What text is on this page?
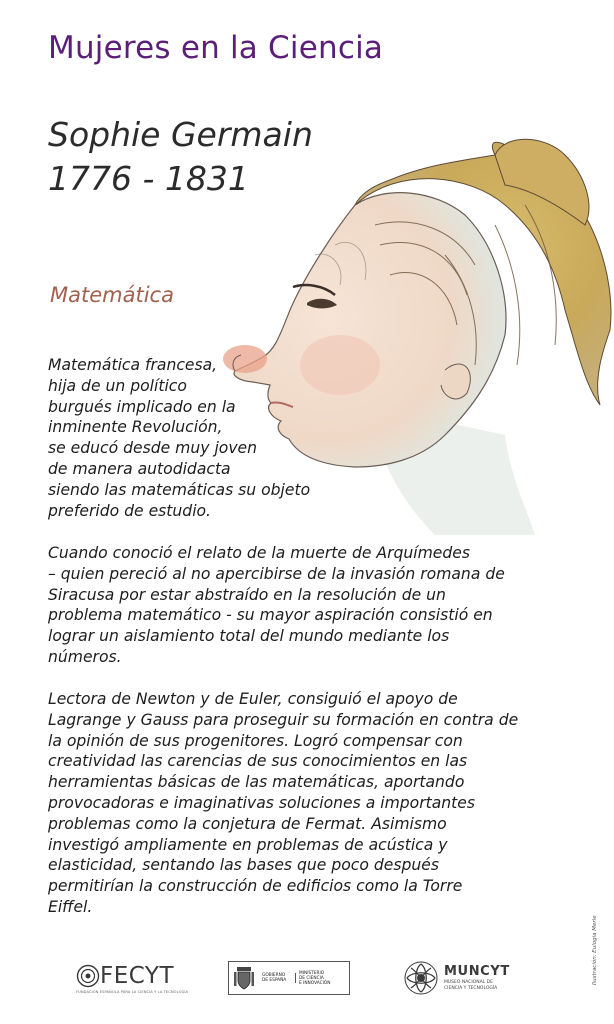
Mujeres en la Ciencia
Sophie Germain

1776 - 1831

Matemática

Matemática francesa,
hija de un político
burgués implicado en la
inminente Revolución,
se educó desde muy joven
de manera autodidacta
siendo las matemáticas su objeto
preferido de estudio.

Cuando conoció el relato de la muerte de Arquímedes
– quien pereció al no apercibirse de la invasión romana de
Siracusa por estar abstraído en la resolución de un
problema matemático - su mayor aspiración consistió en
lograr un aislamiento total del mundo mediante los
números.

Lectora de Newton y de Euler, consiguió el apoyo de
Lagrange y Gauss para proseguir su formación en contra de
la opinión de sus progenitores. Logró compensar con
creatividad las carencias de sus conocimientos en las
herramientas básicas de las matemáticas, aportando
provocadoras e imaginativas soluciones a importantes
problemas como la conjetura de Fermat. Asimismo
investigó ampliamente en problemas de acústica y
elasticidad, sentando las bases que poco después
permitirían la construcción de edificios como la Torre
Eiffel.

FECYT
FUNDACIÓN ESPAÑOLA PARA LA CIENCIA Y LA TECNOLOGÍA
GOBIERNO
DE ESPAÑA
MINISTERIO
DE CIENCIA
E INNOVACIÓN
MUNCYT
MUSEO NACIONAL DE
CIENCIA Y TECNOLOGÍA
Ilustración: Eulogia Merle
